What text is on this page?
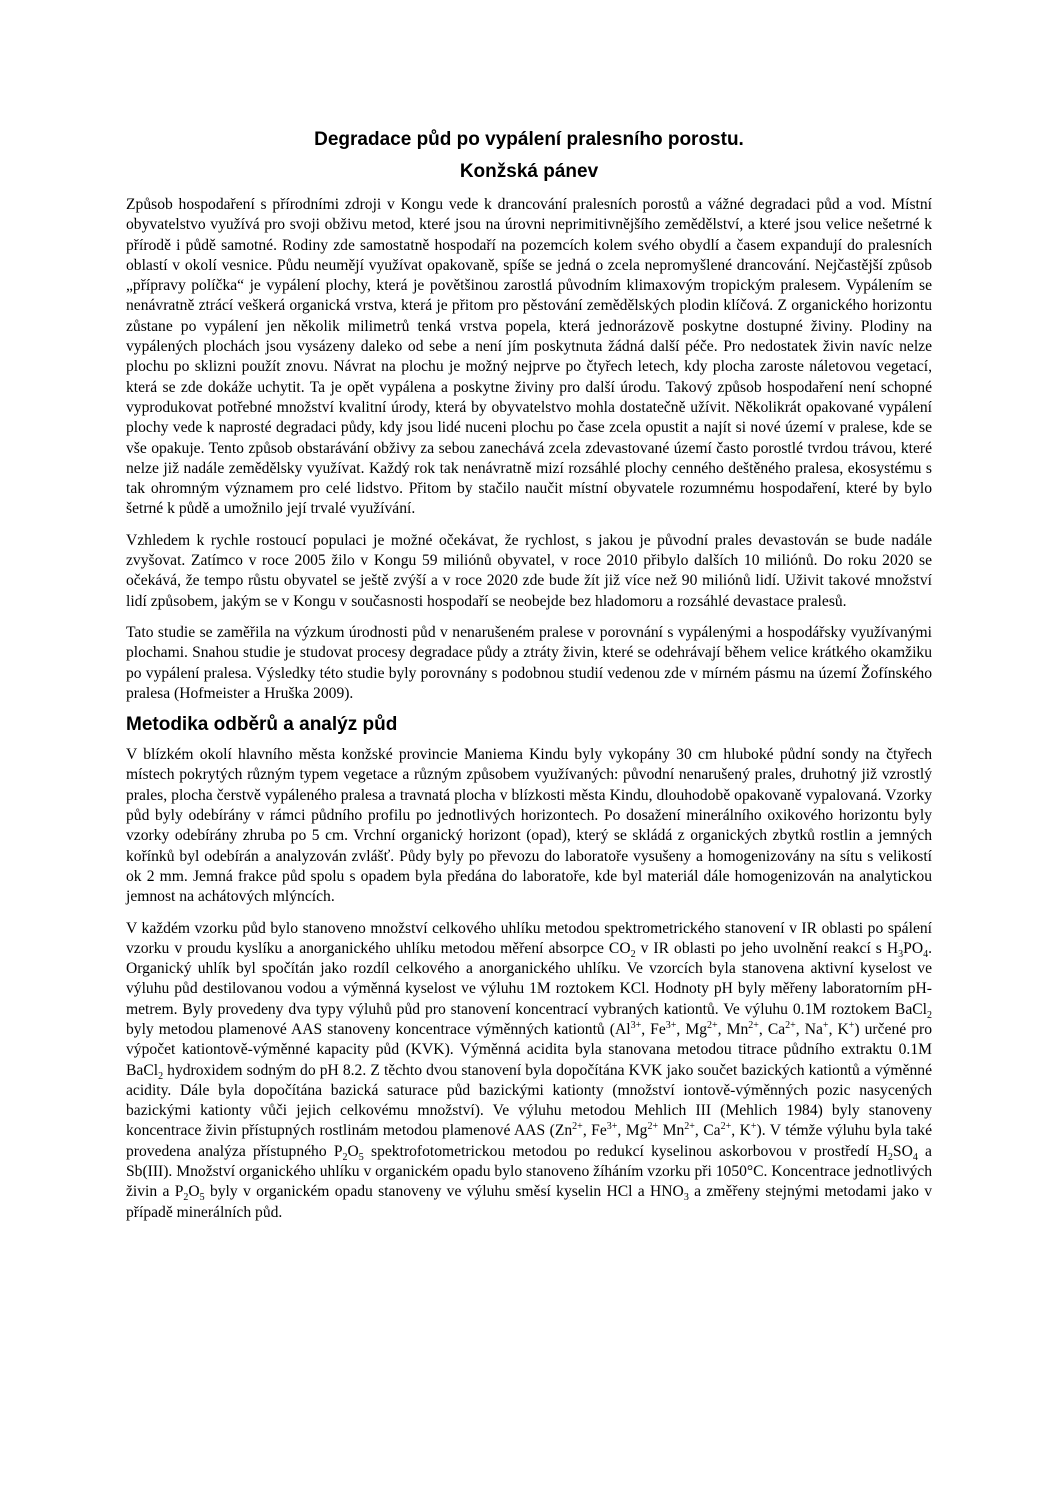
Degradace půd po vypálení pralesního porostu.
Konžská pánev

Způsob hospodaření s přírodními zdroji v Kongu vede k drancování pralesních porostů a vážné degradaci půd a vod. Místní obyvatelstvo využívá pro svoji obživu metod, které jsou na úrovni neprimitivnějšího zemědělství, a které jsou velice nešetrné k přírodě i půdě samotné. Rodiny zde samostatně hospodaří na pozemcích kolem svého obydlí a časem expandují do pralesních oblastí v okolí vesnice. Půdu neumějí využívat opakovaně, spíše se jedná o zcela nepromyšlené drancování. Nejčastější způsob „přípravy políčka“ je vypálení plochy, která je povětšinou zarostlá původním klimaxovým tropickým pralesem. Vypálením se nenávratně ztrácí veškerá organická vrstva, která je přitom pro pěstování zemědělských plodin klíčová. Z organického horizontu zůstane po vypálení jen několik milimetrů tenká vrstva popela, která jednorázově poskytne dostupné živiny. Plodiny na vypálených plochách jsou vysázeny daleko od sebe a není jím poskytnuta žádná další péče. Pro nedostatek živin navíc nelze plochu po sklizni použít znovu. Návrat na plochu je možný nejprve po čtyřech letech, kdy plocha zaroste náletovou vegetací, která se zde dokáže uchytit. Ta je opět vypálena a poskytne živiny pro další úrodu. Takový způsob hospodaření není schopné vyprodukovat potřebné množství kvalitní úrody, která by obyvatelstvo mohla dostatečně užívit. Několikrát opakované vypálení plochy vede k naprosté degradaci půdy, kdy jsou lidé nuceni plochu po čase zcela opustit a najít si nové území v pralese, kde se vše opakuje. Tento způsob obstarávání obživy za sebou zanechává zcela zdevastované území často porostlé tvrdou trávou, které nelze již nadále zemědělsky využívat. Každý rok tak nenávratně mizí rozsáhlé plochy cenného deštěného pralesa, ekosystému s tak ohromným významem pro celé lidstvo. Přitom by stačilo naučit místní obyvatele rozumnému hospodaření, které by bylo šetrné k půdě a umožnilo její trvalé využívání.

Vzhledem k rychle rostoucí populaci je možné očekávat, že rychlost, s jakou je původní prales devastován se bude nadále zvyšovat. Zatímco v roce 2005 žilo v Kongu 59 miliónů obyvatel, v roce 2010 přibylo dalších 10 miliónů. Do roku 2020 se očekává, že tempo růstu obyvatel se ještě zvýší a v roce 2020 zde bude žít již více než 90 miliónů lidí. Uživit takové množství lidí způsobem, jakým se v Kongu v současnosti hospodaří se neobejde bez hladomoru a rozsáhlé devastace pralesů.

Tato studie se zaměřila na výzkum úrodnosti půd v nenarušeném pralese v porovnání s vypálenými a hospodářsky využívanými plochami. Snahou studie je studovat procesy degradace půdy a ztráty živin, které se odehrávají během velice krátkého okamžiku po vypálení pralesa. Výsledky této studie byly porovnány s podobnou studií vedenou zde v mírném pásmu na území Žofínského pralesa (Hofmeister a Hruška 2009).

Metodika odběrů a analýz půd

V blízkém okolí hlavního města konžské provincie Maniema Kindu byly vykopány 30 cm hluboké půdní sondy na čtyřech místech pokrytých různým typem vegetace a různým způsobem využívaných: původní nenarušený prales, druhotný již vzrostlý prales, plocha čerstvě vypáleného pralesa a travnatá plocha v blízkosti města Kindu, dlouhodobě opakovaně vypalovaná. Vzorky půd byly odebírány v rámci půdního profilu po jednotlivých horizontech. Po dosažení minerálního oxikového horizontu byly vzorky odebírány zhruba po 5 cm. Vrchní organický horizont (opad), který se skládá z organických zbytků rostlin a jemných kořínků byl odebírán a analyzován zvlášť. Půdy byly po převozu do laboratoře vysušeny a homogenizovány na sítu s velikostí ok 2 mm. Jemná frakce půd spolu s opadem byla předána do laboratoře, kde byl materiál dále homogenizován na analytickou jemnost na achátových mlýncích.

V každém vzorku půd bylo stanoveno množství celkového uhlíku metodou spektrometrického stanovení v IR oblasti po spálení vzorku v proudu kyslíku a anorganického uhlíku metodou měření absorpce $CO_2$ v IR oblasti po jeho uvolnění reakcí s $H_3PO_4$. Organický uhlík byl spočítán jako rozdíl celkového a anorganického uhlíku. Ve vzorcích byla stanovena aktivní kyselost ve výluhu půd destilovanou vodou a výměnná kyselost ve výluhu 1M roztokem KCl. Hodnoty pH byly měřeny laboratorním pH-metrem. Byly provedeny dva typy výluhů půd pro stanovení koncentrací vybraných kationtů. Ve výluhu 0.1M roztokem BaCl$_2$ byly metodou plamenové AAS stanoveny koncentrace výměnných kationtů ($Al^{3+}$, $Fe^{3+}$, $Mg^{2+}$, $Mn^{2+}$, $Ca^{2+}$, Na+, K+) určené pro výpočet kationtově-výměnné kapacity půd (KVK). Výměnná acidita byla stanovana metodou titrace půdního extraktu 0.1M BaCl$_2$ hydroxidem sodným do pH 8.2. Z těchto dvou stanovení byla dopočítána KVK jako součet bazických kationtů a výměnné acidity. Dále byla dopočítána bazická saturace půd bazickými kationty (množství iontově-výměnných pozic nasycených bazickými kationty vůči jejich celkovému množství). Ve výluhu metodou Mehlich III (Mehlich 1984) byly stanoveny koncentrace živin přístupných rostlinám metodou plamenové AAS ($Zn^{2+}$, $Fe^{3+}$, $Mg^{2+}$ $Mn^{2+}$, $Ca^{2+}$, K+). V témže výluhu byla také provedena analýza přístupného $P_2O_5$ spektrofotometrickou metodou po redukcí kyselinou askorbovou v prostředí $H_2SO_4$ a Sb(III). Množství organického uhlíku v organickém opadu bylo stanoveno žíháním vzorku při 1050°C. Koncentrace jednotlivých živin a $P_2O_5$ byly v organickém opadu stanoveny ve výluhu směsí kyselin HCl a $HNO_3$ a změřeny stejnými metodami jako v případě minerálních půd.
